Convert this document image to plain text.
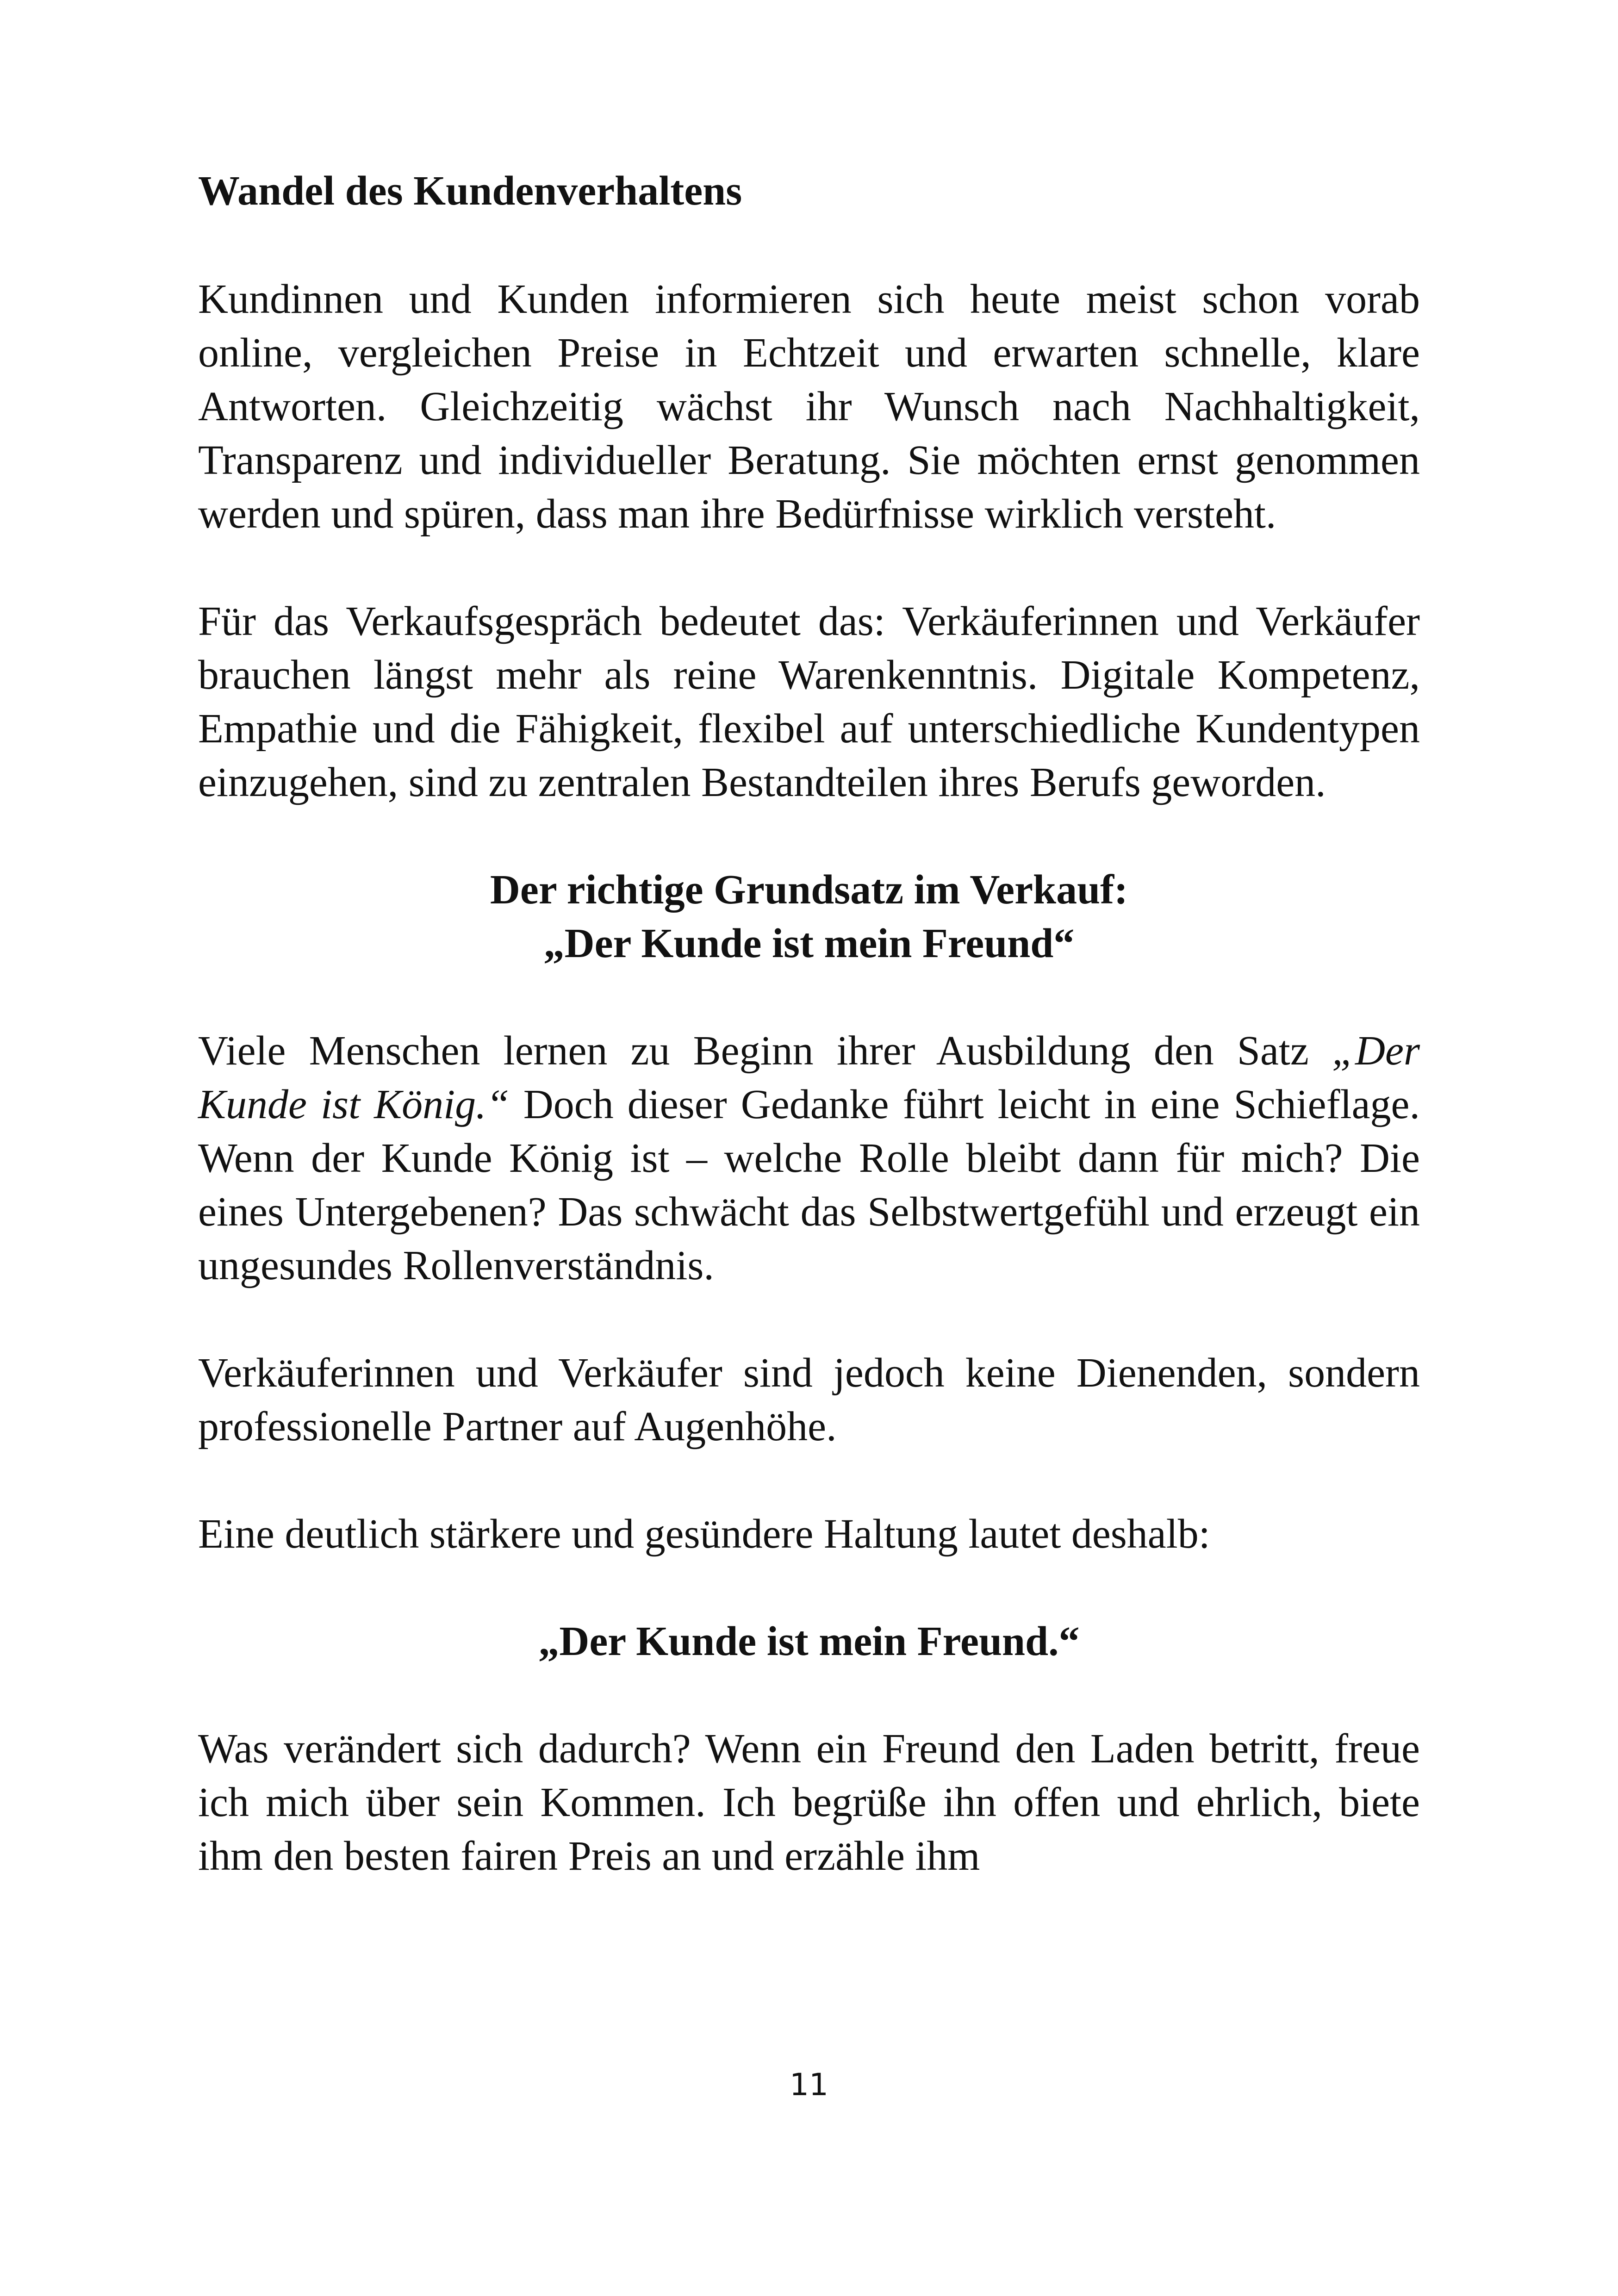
Wandel des Kundenverhaltens

Kundinnen und Kunden informieren sich heute meist schon vorab online, vergleichen Preise in Echtzeit und erwarten schnelle, klare Antworten. Gleichzeitig wächst ihr Wunsch nach Nachhaltigkeit, Transparenz und individueller Beratung. Sie möchten ernst genommen werden und spüren, dass man ihre Bedürfnisse wirklich versteht.

Für das Verkaufsgespräch bedeutet das: Verkäuferinnen und Verkäufer brauchen längst mehr als reine Warenkenntnis. Digitale Kompetenz, Empathie und die Fähigkeit, flexibel auf unterschiedliche Kundentypen einzugehen, sind zu zentralen Bestandteilen ihres Berufs geworden.

Der richtige Grundsatz im Verkauf:

„Der Kunde ist mein Freund“

Viele Menschen lernen zu Beginn ihrer Ausbildung den Satz „Der Kunde ist König.“ Doch dieser Gedanke führt leicht in eine Schieflage. Wenn der Kunde König ist – welche Rolle bleibt dann für mich? Die eines Untergebenen? Das schwächt das Selbstwertgefühl und erzeugt ein ungesundes Rollenverständnis.

Verkäuferinnen und Verkäufer sind jedoch keine Dienenden, sondern professionelle Partner auf Augenhöhe.

Eine deutlich stärkere und gesündere Haltung lautet deshalb:

„Der Kunde ist mein Freund.“

Was verändert sich dadurch? Wenn ein Freund den Laden betritt, freue ich mich über sein Kommen. Ich begrüße ihn offen und ehrlich, biete ihm den besten fairen Preis an und erzähle ihm

11
